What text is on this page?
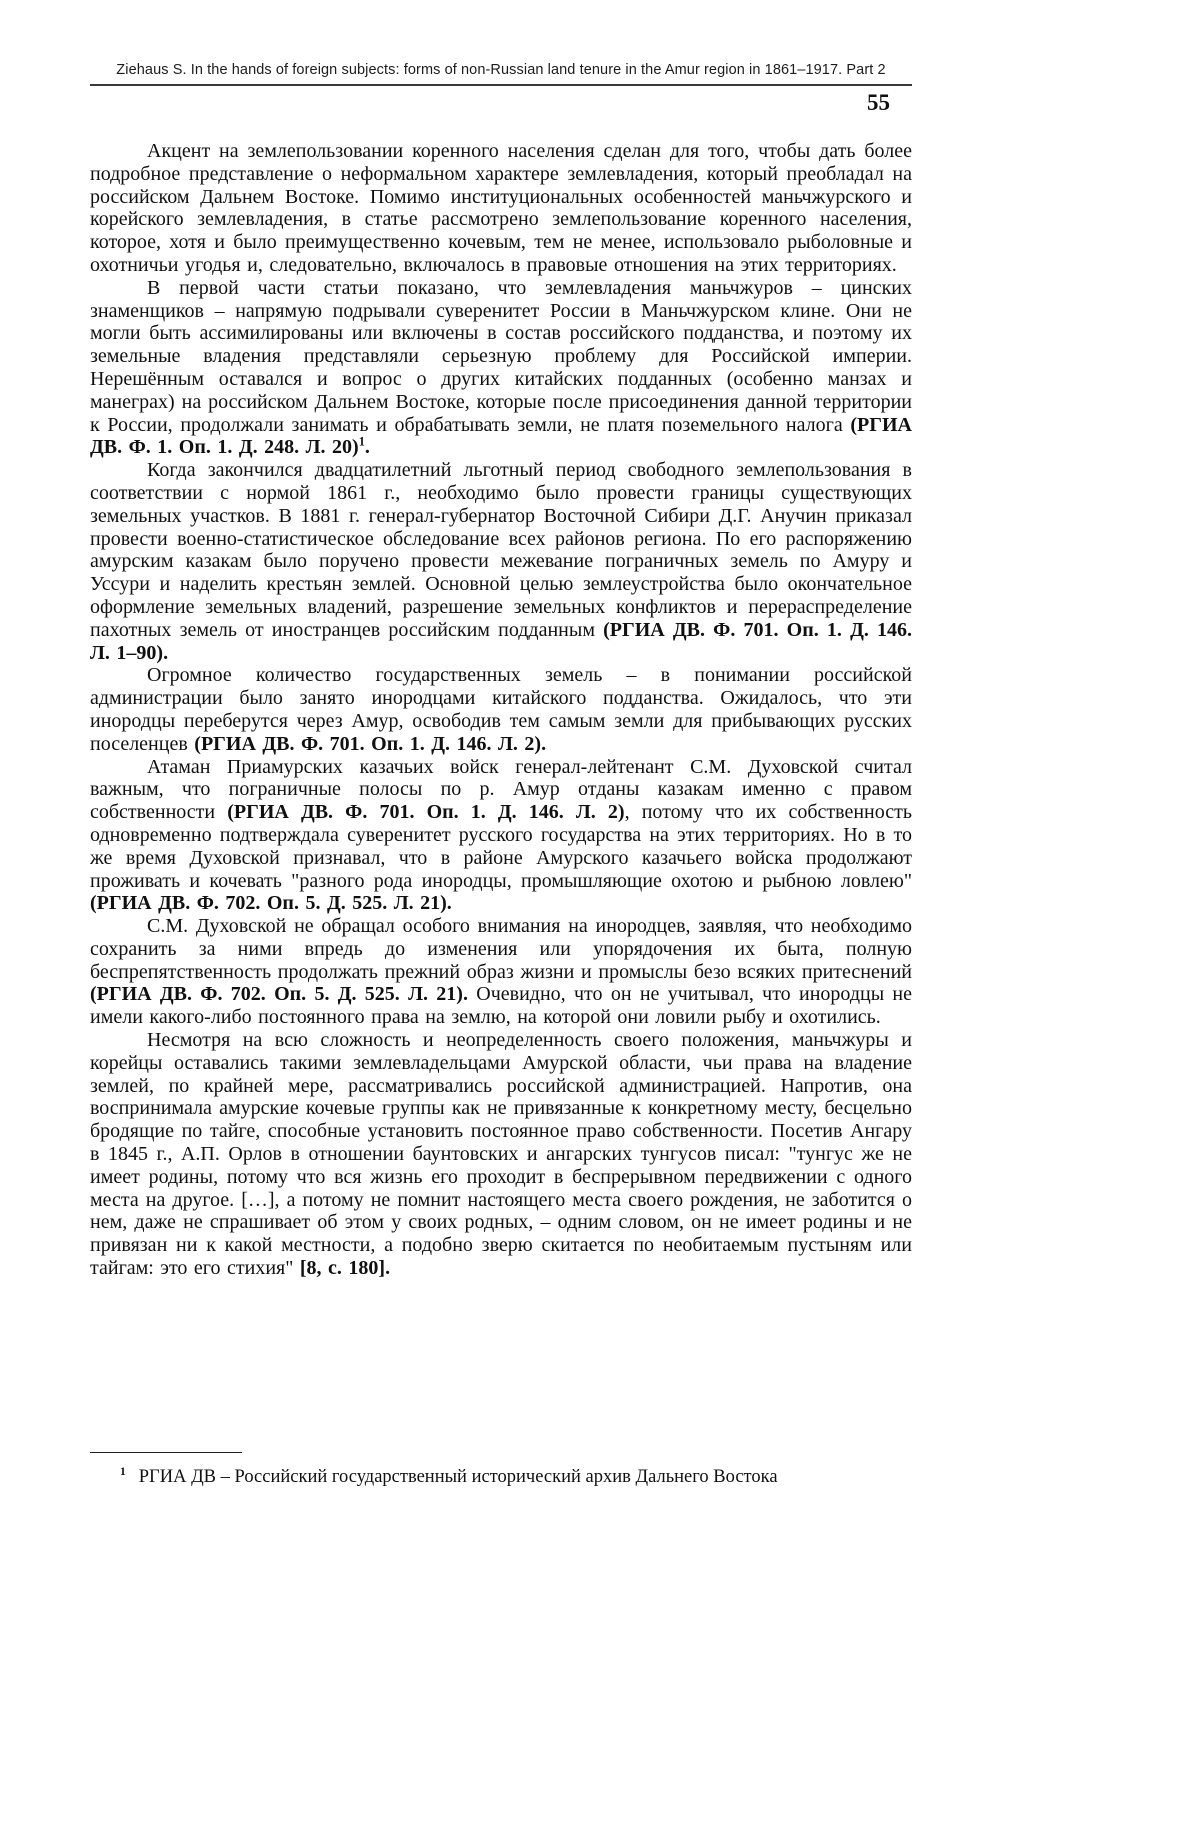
Ziehaus S. In the hands of foreign subjects: forms of non-Russian land tenure in the Amur region in 1861–1917. Part 2
55

Акцент на землепользовании коренного населения сделан для того, чтобы дать более подробное представление о неформальном характере землевладения, который преобладал на российском Дальнем Востоке. Помимо институциональных особенностей маньчжурского и корейского землевладения, в статье рассмотрено землепользование коренного населения, которое, хотя и было преимущественно кочевым, тем не менее, использовало рыболовные и охотничьи угодья и, следовательно, включалось в правовые отношения на этих территориях.

В первой части статьи показано, что землевладения маньчжуров – цинских знаменщиков – напрямую подрывали суверенитет России в Маньчжурском клине. Они не могли быть ассимилированы или включены в состав российского подданства, и поэтому их земельные владения представляли серьезную проблему для Российской империи. Нерешённым оставался и вопрос о других китайских подданных (особенно манзах и манеграх) на российском Дальнем Востоке, которые после присоединения данной территории к России, продолжали занимать и обрабатывать земли, не платя поземельного налога (РГИА ДВ. Ф. 1. Оп. 1. Д. 248. Л. 20)$^1$.

Когда закончился двадцатилетний льготный период свободного землепользования в соответствии с нормой 1861 г., необходимо было провести границы существующих земельных участков. В 1881 г. генерал-губернатор Восточной Сибири Д.Г. Анучин приказал провести военно-статистическое обследование всех районов региона. По его распоряжению амурским казакам было поручено провести межевание пограничных земель по Амуру и Уссури и наделить крестьян землей. Основной целью землеустройства было окончательное оформление земельных владений, разрешение земельных конфликтов и перераспределение пахотных земель от иностранцев российским подданным (РГИА ДВ. Ф. 701. Оп. 1. Д. 146. Л. 1–90).

Огромное количество государственных земель – в понимании российской администрации было занято инородцами китайского подданства. Ожидалось, что эти инородцы переберутся через Амур, освободив тем самым земли для прибывающих русских поселенцев (РГИА ДВ. Ф. 701. Оп. 1. Д. 146. Л. 2).

Атаман Приамурских казачьих войск генерал-лейтенант С.М. Духовской считал важным, что пограничные полосы по р. Амур отданы казакам именно с правом собственности (РГИА ДВ. Ф. 701. Оп. 1. Д. 146. Л. 2), потому что их собственность одновременно подтверждала суверенитет русского государства на этих территориях. Но в то же время Духовской признавал, что в районе Амурского казачьего войска продолжают проживать и кочевать "разного рода инородцы, промышляющие охотою и рыбною ловлею" (РГИА ДВ. Ф. 702. Оп. 5. Д. 525. Л. 21).

С.М. Духовской не обращал особого внимания на инородцев, заявляя, что необходимо сохранить за ними впредь до изменения или упорядочения их быта, полную беспрепятственность продолжать прежний образ жизни и промыслы безо всяких притеснений (РГИА ДВ. Ф. 702. Оп. 5. Д. 525. Л. 21). Очевидно, что он не учитывал, что инородцы не имели какого-либо постоянного права на землю, на которой они ловили рыбу и охотились.

Несмотря на всю сложность и неопределенность своего положения, маньчжуры и корейцы оставались такими землевладельцами Амурской области, чьи права на владение землей, по крайней мере, рассматривались российской администрацией. Напротив, она воспринимала амурские кочевые группы как не привязанные к конкретному месту, бесцельно бродящие по тайге, способные установить постоянное право собственности. Посетив Ангару в 1845 г., А.П. Орлов в отношении баунтовских и ангарских тунгусов писал: "тунгус же не имеет родины, потому что вся жизнь его проходит в беспрерывном передвижении с одного места на другое. […], а потому не помнит настоящего места своего рождения, не заботится о нем, даже не спрашивает об этом у своих родных, – одним словом, он не имеет родины и не привязан ни к какой местности, а подобно зверю скитается по необитаемым пустыням или тайгам: это его стихия" [8, с. 180].

$^1$ РГИА ДВ – Российский государственный исторический архив Дальнего Востока
